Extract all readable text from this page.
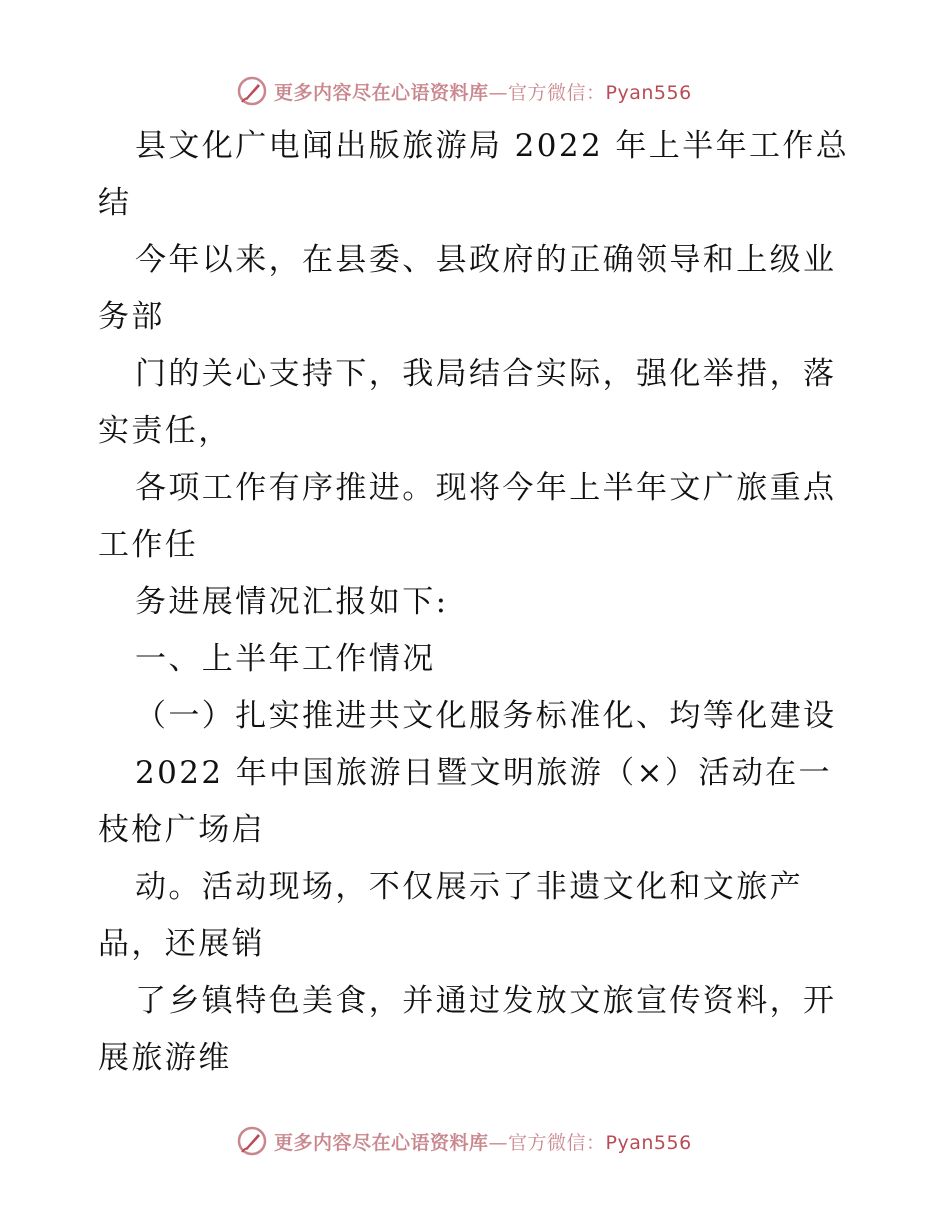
更多内容尽在心语资料库—官方微信：Pyan556
县文化广电闻出版旅游局 2022 年上半年工作总
结
今年以来，在县委、县政府的正确领导和上级业
务部
门的关心支持下，我局结合实际，强化举措，落
实责任，
各项工作有序推进。现将今年上半年文广旅重点
工作任
务进展情况汇报如下:
一、上半年工作情况
（一）扎实推进共文化服务标准化、均等化建设
2022 年中国旅游日暨文明旅游（×）活动在一
枝枪广场启
动。活动现场，不仅展示了非遗文化和文旅产
品，还展销
了乡镇特色美食，并通过发放文旅宣传资料，开
展旅游维
更多内容尽在心语资料库—官方微信：Pyan556
